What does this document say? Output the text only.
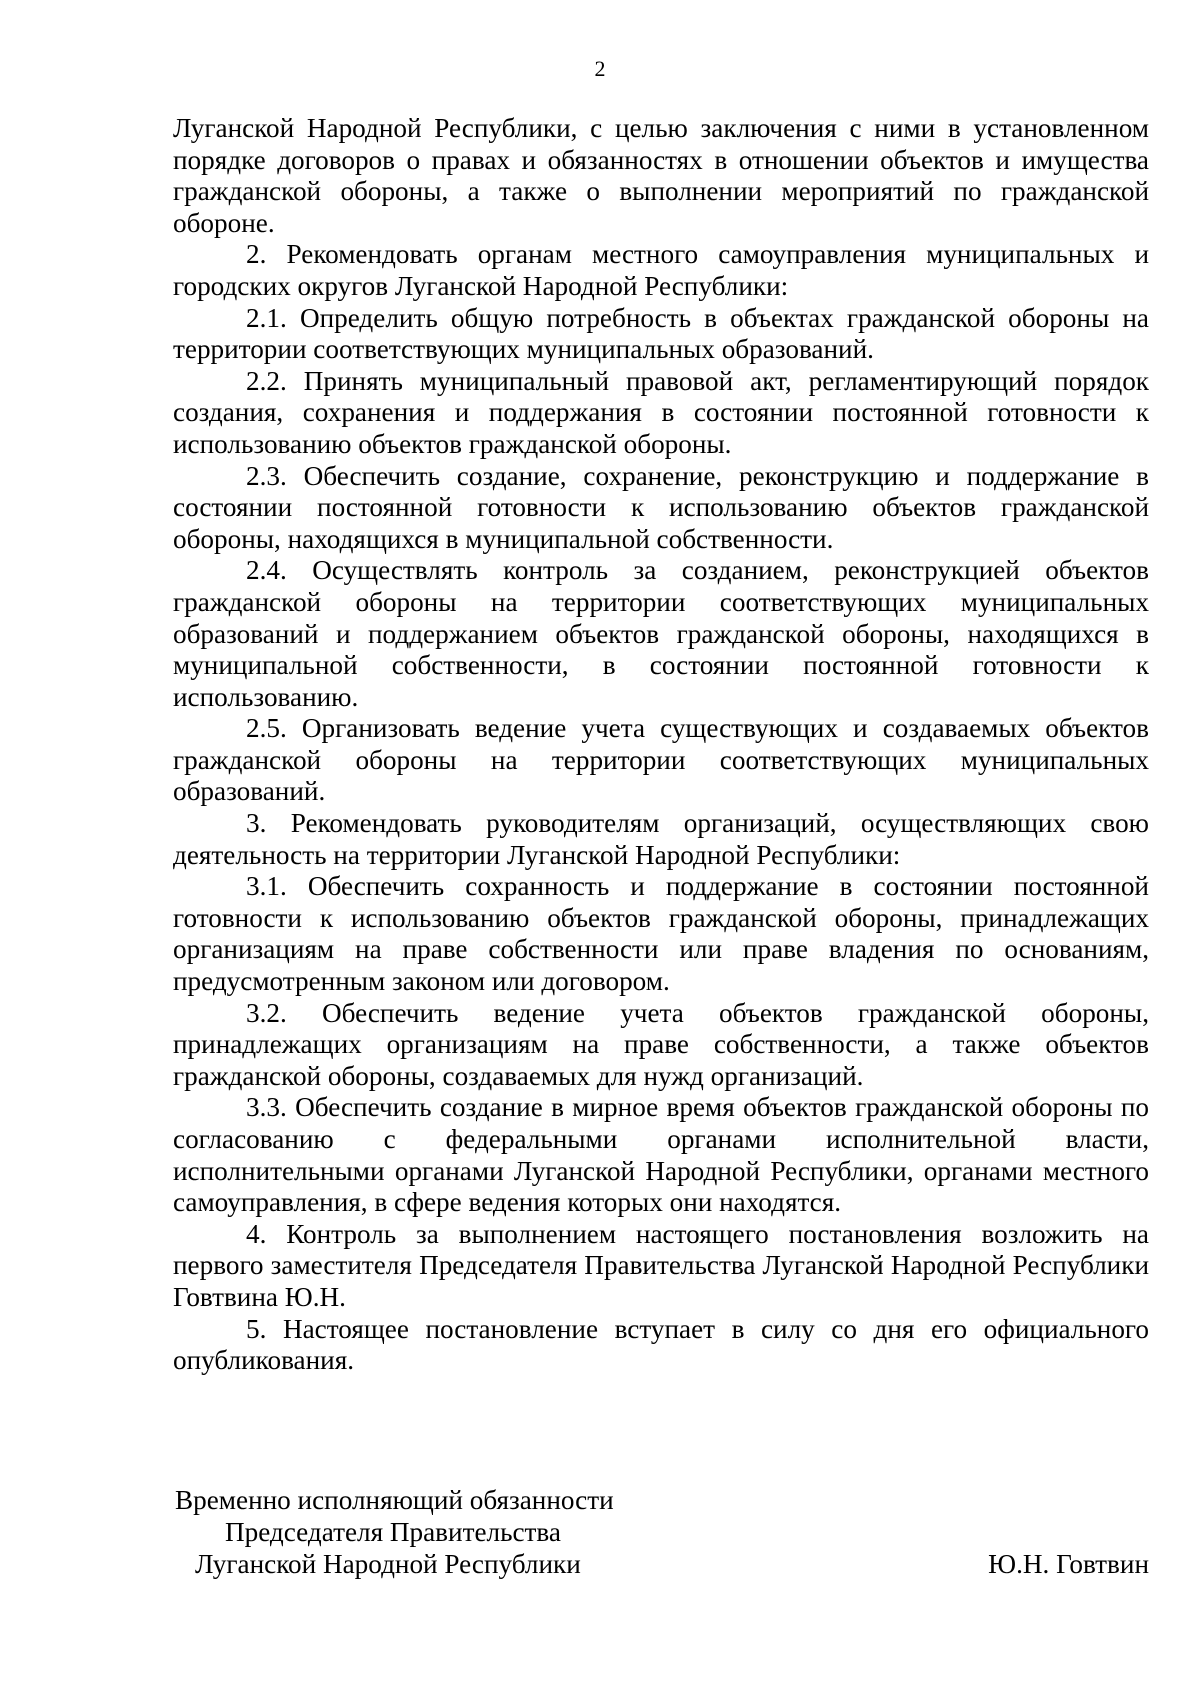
2

Луганской Народной Республики, с целью заключения с ними в установленном порядке договоров о правах и обязанностях в отношении объектов и имущества гражданской обороны, а также о выполнении мероприятий по гражданской обороне.

2. Рекомендовать органам местного самоуправления муниципальных и городских округов Луганской Народной Республики:

2.1. Определить общую потребность в объектах гражданской обороны на территории соответствующих муниципальных образований.

2.2. Принять муниципальный правовой акт, регламентирующий порядок создания, сохранения и поддержания в состоянии постоянной готовности к использованию объектов гражданской обороны.

2.3. Обеспечить создание, сохранение, реконструкцию и поддержание в состоянии постоянной готовности к использованию объектов гражданской обороны, находящихся в муниципальной собственности.

2.4. Осуществлять контроль за созданием, реконструкцией объектов гражданской обороны на территории соответствующих муниципальных образований и поддержанием объектов гражданской обороны, находящихся в муниципальной собственности, в состоянии постоянной готовности к использованию.

2.5. Организовать ведение учета существующих и создаваемых объектов гражданской обороны на территории соответствующих муниципальных образований.

3. Рекомендовать руководителям организаций, осуществляющих свою деятельность на территории Луганской Народной Республики:

3.1. Обеспечить сохранность и поддержание в состоянии постоянной готовности к использованию объектов гражданской обороны, принадлежащих организациям на праве собственности или праве владения по основаниям, предусмотренным законом или договором.

3.2. Обеспечить ведение учета объектов гражданской обороны, принадлежащих организациям на праве собственности, а также объектов гражданской обороны, создаваемых для нужд организаций.

3.3. Обеспечить создание в мирное время объектов гражданской обороны по согласованию с федеральными органами исполнительной власти, исполнительными органами Луганской Народной Республики, органами местного самоуправления, в сфере ведения которых они находятся.

4. Контроль за выполнением настоящего постановления возложить на первого заместителя Председателя Правительства Луганской Народной Республики Говтвина Ю.Н.

5. Настоящее постановление вступает в силу со дня его официального опубликования.

Временно исполняющий обязанности
Председателя Правительства
Луганской Народной Республики	Ю.Н. Говтвин
